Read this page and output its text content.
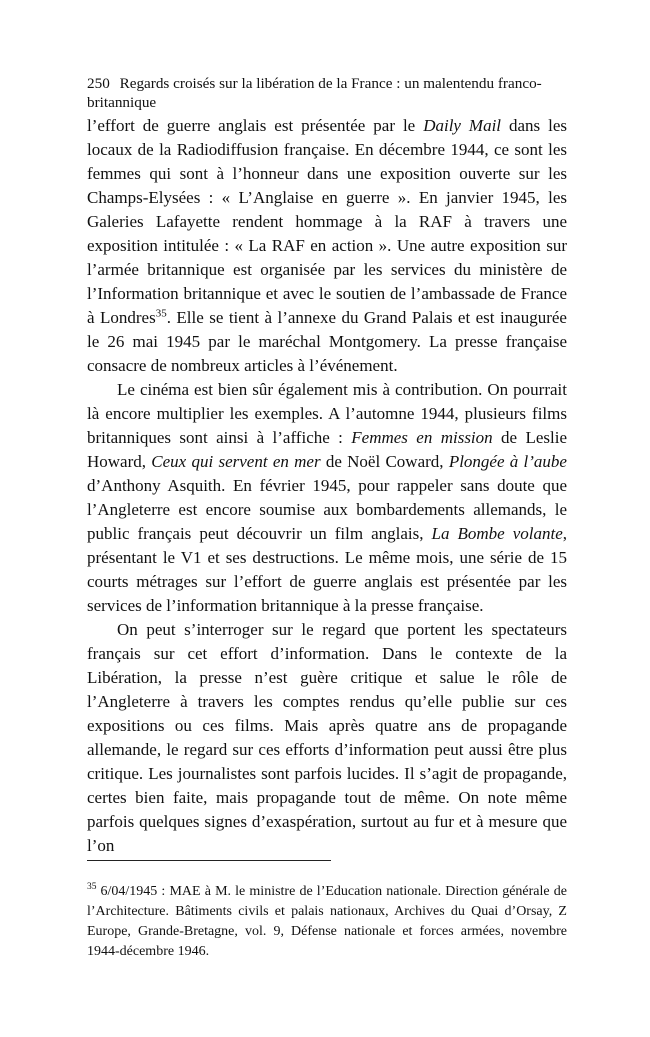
250 Regards croisés sur la libération de la France : un malentendu franco-britannique

l’effort de guerre anglais est présentée par le Daily Mail dans les locaux de la Radiodiffusion française. En décembre 1944, ce sont les femmes qui sont à l’honneur dans une exposition ouverte sur les Champs-Elysées : « L’Anglaise en guerre ». En janvier 1945, les Galeries Lafayette rendent hommage à la RAF à travers une exposition intitulée : « La RAF en action ». Une autre exposition sur l’armée britannique est organisée par les services du ministère de l’Information britannique et avec le soutien de l’ambassade de France à Londres$^{35}$. Elle se tient à l’annexe du Grand Palais et est inaugurée le 26 mai 1945 par le maréchal Montgomery. La presse française consacre de nombreux articles à l’événement.

Le cinéma est bien sûr également mis à contribution. On pourrait là encore multiplier les exemples. A l’automne 1944, plusieurs films britanniques sont ainsi à l’affiche : Femmes en mission de Leslie Howard, Ceux qui servent en mer de Noël Coward, Plongée à l’aube d’Anthony Asquith. En février 1945, pour rappeler sans doute que l’Angleterre est encore soumise aux bombardements allemands, le public français peut découvrir un film anglais, La Bombe volante, présentant le V1 et ses destructions. Le même mois, une série de 15 courts métrages sur l’effort de guerre anglais est présentée par les services de l’information britannique à la presse française.

On peut s’interroger sur le regard que portent les spectateurs français sur cet effort d’information. Dans le contexte de la Libération, la presse n’est guère critique et salue le rôle de l’Angleterre à travers les comptes rendus qu’elle publie sur ces expositions ou ces films. Mais après quatre ans de propagande allemande, le regard sur ces efforts d’information peut aussi être plus critique. Les journalistes sont parfois lucides. Il s’agit de propagande, certes bien faite, mais propagande tout de même. On note même parfois quelques signes d’exaspération, surtout au fur et à mesure que l’on

$^{35}$ 6/04/1945 : MAE à M. le ministre de l’Education nationale. Direction générale de l’Architecture. Bâtiments civils et palais nationaux, Archives du Quai d’Orsay, Z Europe, Grande-Bretagne, vol. 9, Défense nationale et forces armées, novembre 1944-décembre 1946.
